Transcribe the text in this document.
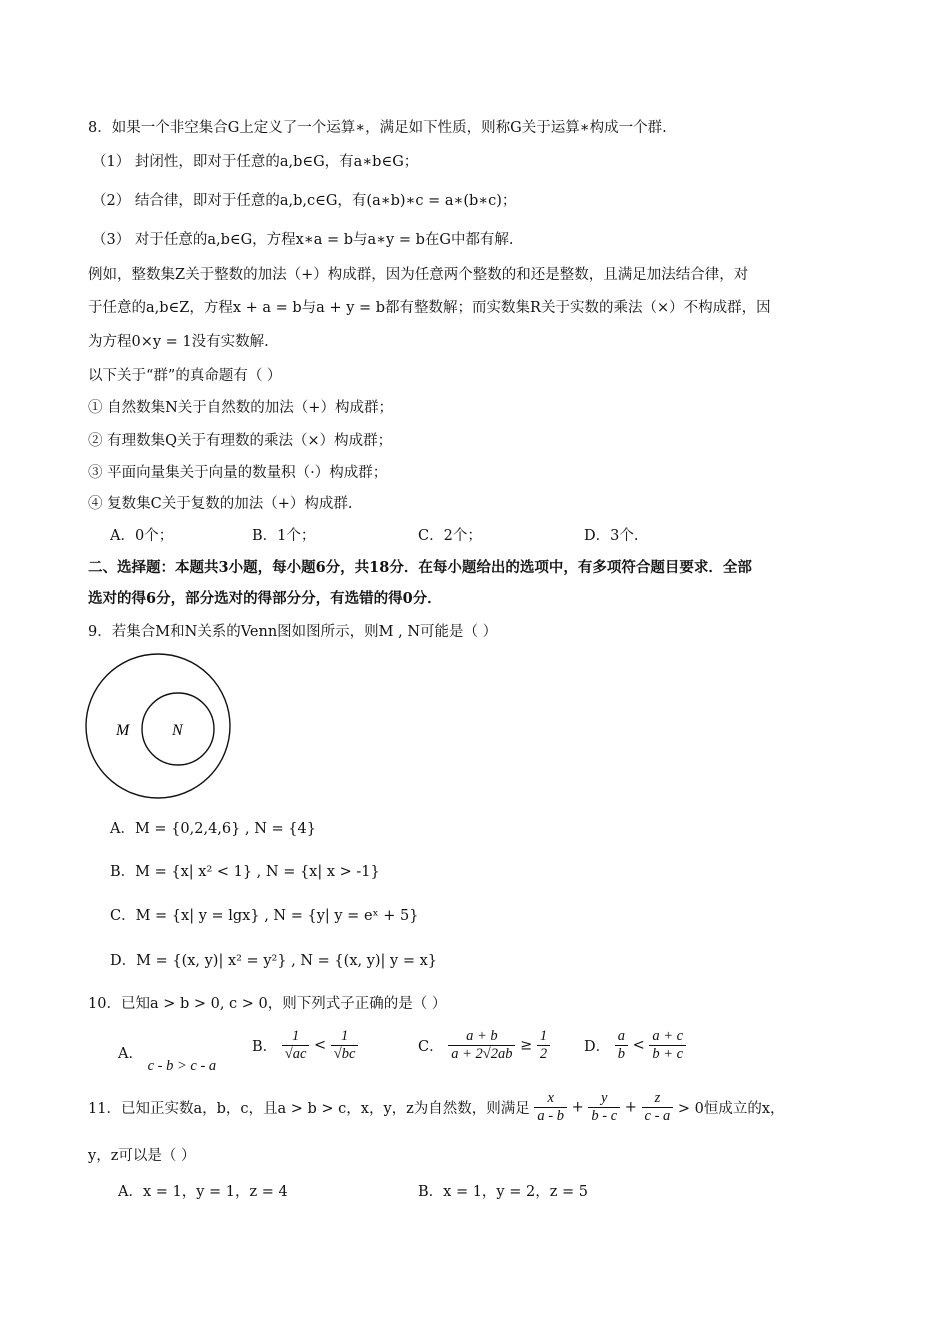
8．如果一个非空集合G上定义了一个运算∗，满足如下性质，则称G关于运算∗构成一个群.
（1） 封闭性，即对于任意的a,b∈G，有a∗b∈G；
（2） 结合律，即对于任意的a,b,c∈G，有(a∗b)∗c = a∗(b∗c)；
（3） 对于任意的a,b∈G，方程x∗a = b与a∗y = b在G中都有解.
例如，整数集Z关于整数的加法（+）构成群，因为任意两个整数的和还是整数，且满足加法结合律，对
于任意的a,b∈Z，方程x + a = b与a + y = b都有整数解；而实数集R关于实数的乘法（×）不构成群，因
为方程0×y = 1没有实数解.
以下关于“群”的真命题有（ ）
① 自然数集N关于自然数的加法（+）构成群；
② 有理数集Q关于有理数的乘法（×）构成群；
③ 平面向量集关于向量的数量积（·）构成群；
④ 复数集C关于复数的加法（+）构成群.
A．0个；	B．1个；	C．2个；	D．3个.
二、选择题：本题共3小题，每小题6分，共18分．在每小题给出的选项中，有多项符合题目要求．全部
选对的得6分，部分选对的得部分分，有选错的得0分．
9．若集合M和N关系的Venn图如图所示，则M , N可能是（ ）
M	N
A．M = {0,2,4,6} , N = {4}
B．M = {x| x² < 1} , N = {x| x > -1}
C．M = {x| y = lgx} , N = {y| y = eˣ + 5}
D．M = {(x, y)| x² = y²} , N = {(x, y)| y = x}
10．已知a > b > 0, c > 0，则下列式子正确的是（ ）
A． c - b > c - a
B． $\frac{1}{√ac} < \frac{1}{√bc}$	C． $\frac{a + b}{a + 2√2ab} \ge \frac{1}{2}$ D． $\frac{a}{b} < \frac{a + c}{b + c}$
11．已知正实数a，b，c，且a > b > c，x，y，z为自然数，则满足 $\frac{x}{a - b} + \frac{y}{b - c} + \frac{z}{c - a} > 0$恒成立的x，
y，z可以是（ ）
A．x = 1，y = 1，z = 4	B．x = 1，y = 2，z = 5
